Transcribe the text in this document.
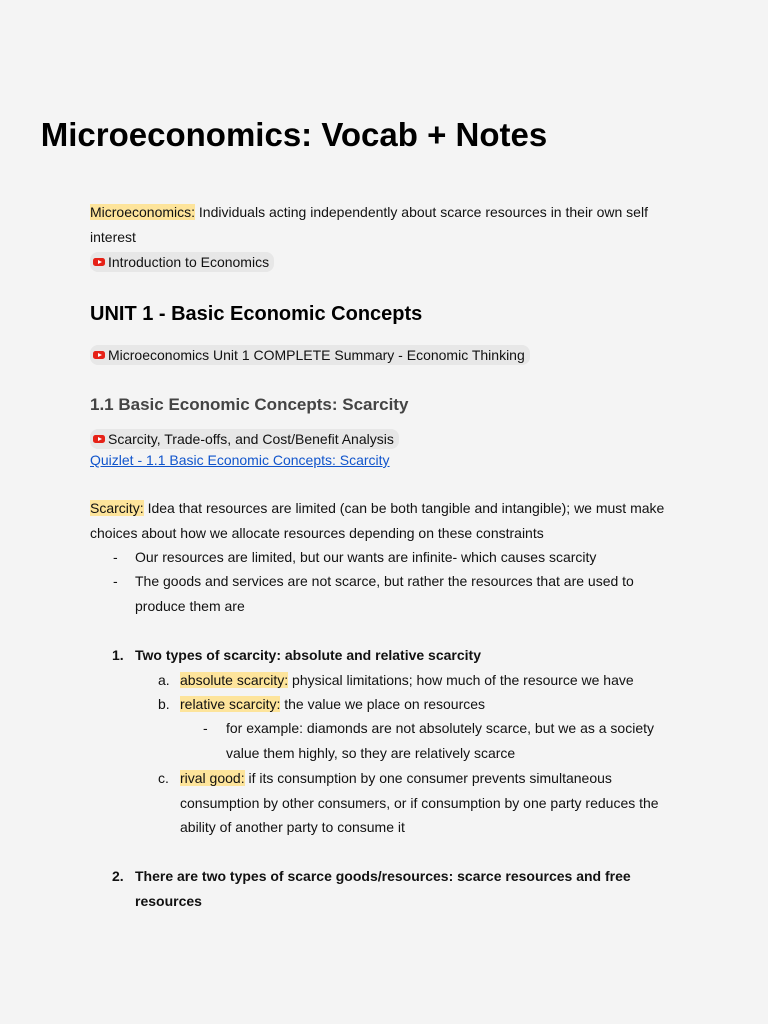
Microeconomics: Vocab + Notes

Microeconomics: Individuals acting independently about scarce resources in their own self interest

Introduction to Economics
UNIT 1 - Basic Economic Concepts
Microeconomics Unit 1 COMPLETE Summary - Economic Thinking
1.1 Basic Economic Concepts: Scarcity
Scarcity, Trade-offs, and Cost/Benefit Analysis
Quizlet - 1.1 Basic Economic Concepts: Scarcity

Scarcity: Idea that resources are limited (can be both tangible and intangible); we must make choices about how we allocate resources depending on these constraints

- Our resources are limited, but our wants are infinite- which causes scarcity
- The goods and services are not scarce, but rather the resources that are used to produce them are
1. Two types of scarcity: absolute and relative scarcity
a. absolute scarcity: physical limitations; how much of the resource we have
b. relative scarcity: the value we place on resources
- for example: diamonds are not absolutely scarce, but we as a society value them highly, so they are relatively scarce
c. rival good: if its consumption by one consumer prevents simultaneous consumption by other consumers, or if consumption by one party reduces the ability of another party to consume it
2. There are two types of scarce goods/resources: scarce resources and free resources
